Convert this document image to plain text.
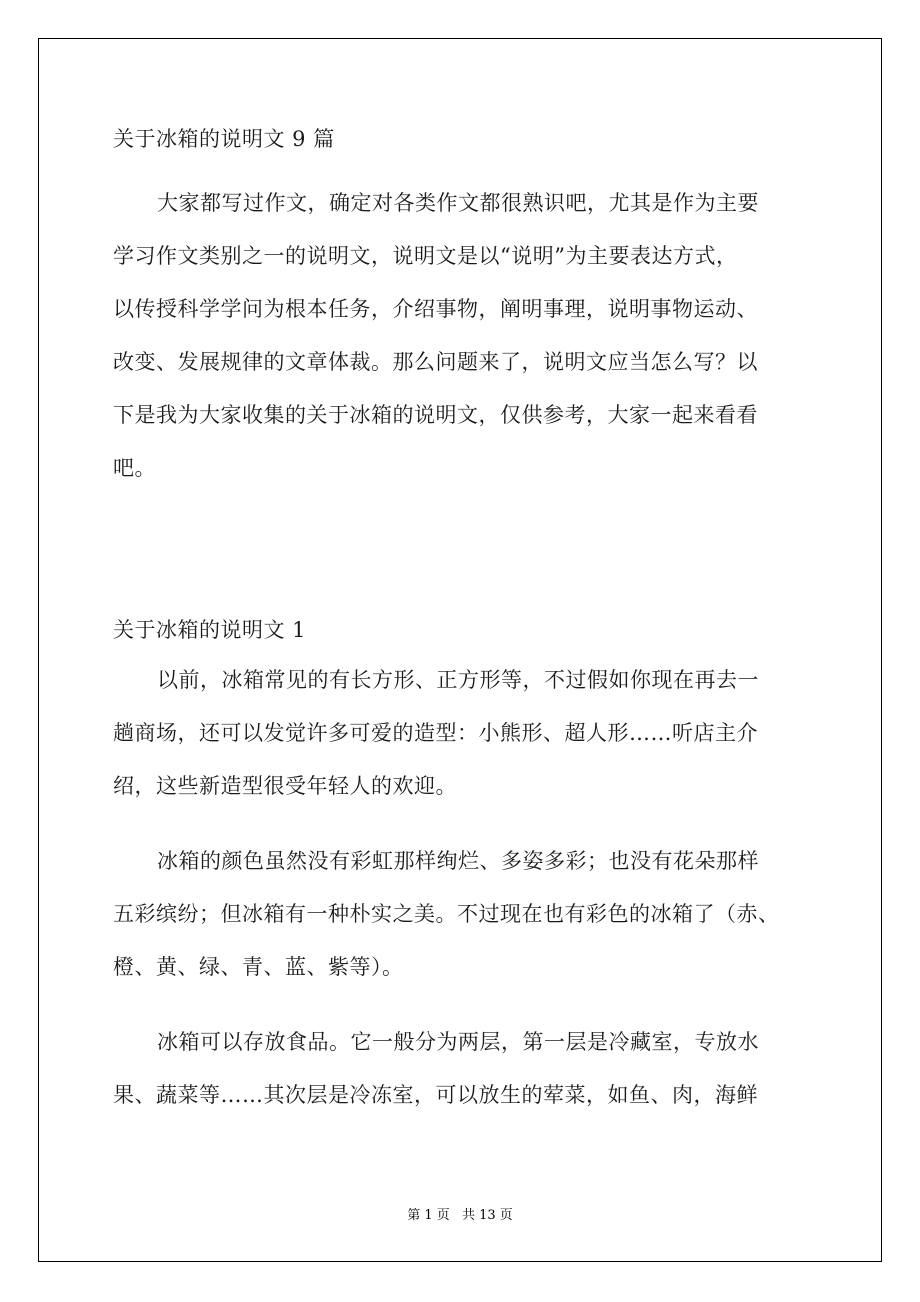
关于冰箱的说明文 9 篇
大家都写过作文，确定对各类作文都很熟识吧，尤其是作为主要
学习作文类别之一的说明文，说明文是以“说明”为主要表达方式，
以传授科学学问为根本任务，介绍事物，阐明事理，说明事物运动、
改变、发展规律的文章体裁。那么问题来了，说明文应当怎么写？以
下是我为大家收集的关于冰箱的说明文，仅供参考，大家一起来看看
吧。
关于冰箱的说明文 1
以前，冰箱常见的有长方形、正方形等，不过假如你现在再去一
趟商场，还可以发觉许多可爱的造型：小熊形、超人形……听店主介
绍，这些新造型很受年轻人的欢迎。
冰箱的颜色虽然没有彩虹那样绚烂、多姿多彩；也没有花朵那样
五彩缤纷；但冰箱有一种朴实之美。不过现在也有彩色的冰箱了（赤、
橙、黄、绿、青、蓝、紫等）。
冰箱可以存放食品。它一般分为两层，第一层是冷藏室，专放水
果、蔬菜等……其次层是冷冻室，可以放生的荤菜，如鱼、肉，海鲜
第 1 页 共 13 页
